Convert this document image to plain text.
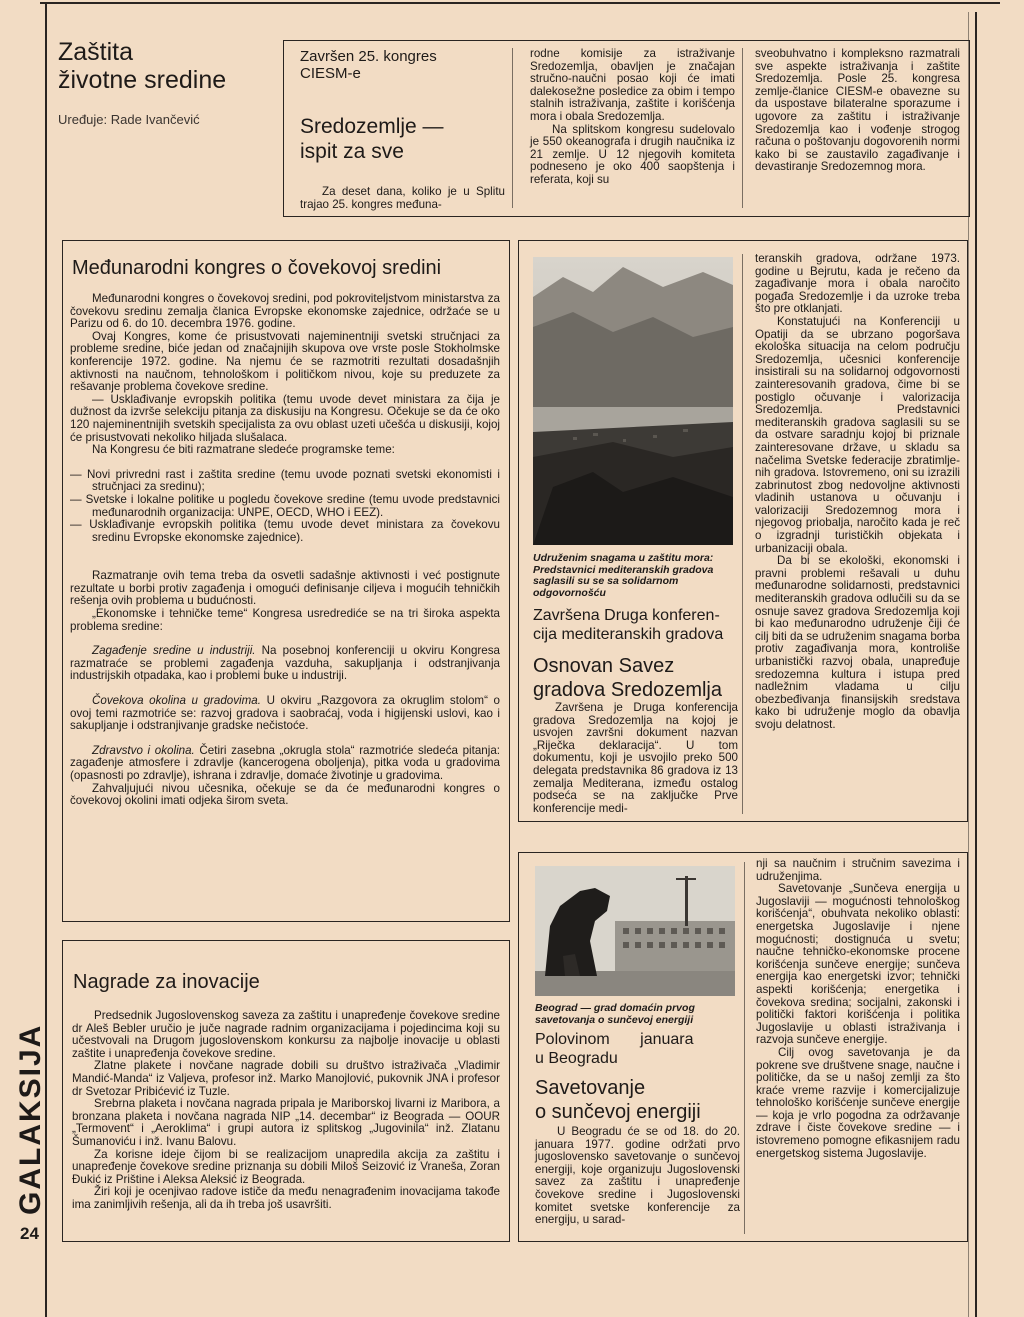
Zaštita
životne sredine
Uređuje: Rade Ivančević
Završen 25. kongres CIESM-e
Sredozemlje —
ispit za sve

Za deset dana, koliko je u Splitu trajao 25. kongres međuna-

rodne komisije za istraživanje Sredozemlja, obavljen je značajan stručno-naučni posao koji će imati dalekosežne posledice za obim i tempo stalnih istraživanja, zaštite i korišćenja mora i obala Sredozemlja.

Na splitskom kongresu sudelovalo je 550 okeanografa i drugih naučnika iz 21 zemlje. U 12 njegovih komiteta podneseno je oko 400 saopštenja i referata, koji su

sveobuhvatno i kompleksno razmatrali sve aspekte istraživanja i zaštite Sredozemlja. Posle 25. kongresa zemlje-članice CIESM-e obavezne su da uspostave bilateralne sporazume i ugovore za zaštitu i istraživanje Sredozemlja kao i vođenje strogog računa o poštovanju dogovorenih normi kako bi se zaustavilo zagađivanje i devastiranje Sredozemnog mora.

Međunarodni kongres o čovekovoj sredini

Međunarodni kongres o čovekovoj sredini, pod pokroviteljstvom ministarstva za čovekovu sredinu zemalja članica Evropske ekonomske zajednice, održaće se u Parizu od 6. do 10. decembra 1976. godine.

Ovaj Kongres, kome će prisustvovati najeminentniji svetski stručnjaci za probleme sredine, biće jedan od značajnijih skupova ove vrste posle Stokholmske konferencije 1972. godine. Na njemu će se razmotriti rezultati dosadašnjih aktivnosti na naučnom, tehnološkom i političkom nivou, koje su preduzete za rešavanje problema čovekove sredine.

— Usklađivanje evropskih politika (temu uvode devet ministara za čija je dužnost da izvrše selekciju pitanja za diskusiju na Kongresu. Očekuje se da će oko 120 najeminentnijih svetskih specijalista za ovu oblast uzeti učešća u diskusiji, kojoj će prisustvovati nekoliko hiljada slušalaca.

Na Kongresu će biti razmatrane sledeće programske teme:

— Novi privredni rast i zaštita sredine (temu uvode poznati svetski ekonomisti i stručnjaci za sredinu);
— Svetske i lokalne politike u pogledu čovekove sredine (temu uvode predstavnici međunarodnih organizacija: UNPE, OECD, WHO i EEZ).
— Usklađivanje evropskih politika (temu uvode devet ministara za čovekovu sredinu Evropske ekonomske zajednice).

Razmatranje ovih tema treba da osvetli sadašnje aktivnosti i već postignute rezultate u borbi protiv zagađenja i omogući definisanje ciljeva i mogućih tehničkih rešenja ovih problema u budućnosti.

„Ekonomske i tehničke teme“ Kongresa usredrediće se na tri široka aspekta problema sredine:

Zagađenje sredine u industriji. Na posebnoj konferenciji u okviru Kongresa razmatraće se problemi zagađenja vazduha, sakupljanja i odstranjivanja industrijskih otpadaka, kao i problemi buke u industriji.

Čovekova okolina u gradovima. U okviru „Razgovora za okruglim stolom“ o ovoj temi razmotriće se: razvoj gradova i saobraćaj, voda i higijenski uslovi, kao i sakupljanje i odstranjivanje gradske nečistoće.

Zdravstvo i okolina. Četiri zasebna „okrugla stola“ razmotriće sledeća pitanja: zagađenje atmosfere i zdravlje (kancerogena oboljenja), pitka voda u gradovima (opasnosti po zdravlje), ishrana i zdravlje, domaće životinje u gradovima.

Zahvaljujući nivou učesnika, očekuje se da će međunarodni kongres o čovekovoj okolini imati odjeka širom sveta.

Udruženim snagama u zaštitu mora: Predstavnici mediteranskih gradova saglasili su se sa solidarnom odgovornošću

Završena Druga konferencija mediteranskih gradova
Osnovan Savez gradova Sredozemlja

Završena je Druga konferencija gradova Sredozemlja na kojoj je usvojen završni dokument nazvan „Riječka deklaracija“. U tom dokumentu, koji je usvojilo preko 500 delegata predstavnika 86 gradova iz 13 zemalja Mediterana, između ostalog podseća se na zaključke Prve konferencije medi-

teranskih gradova, održane 1973. godine u Bejrutu, kada je rečeno da zagađivanje mora i obala naročito pogađa Sredozemlje i da uzroke treba što pre otklanjati.

Konstatujući na Konferenciji u Opatiji da se ubrzano pogoršava ekološka situacija na celom području Sredozemlja, učesnici konferencije insistirali su na solidarnoj odgovornosti zainteresovanih gradova, čime bi se postiglo očuvanje i valorizacija Sredozemlja. Predstavnici mediteranskih gradova saglasili su se da ostvare saradnju kojoj bi priznale zainteresovane države, u skladu sa načelima Svetske federacije zbratimljenih gradova. Istovremeno, oni su izrazili zabrinutost zbog nedovoljne aktivnosti vladinih ustanova u očuvanju i valorizaciji Sredozemnog mora i njegovog priobalja, naročito kada je reč o izgradnji turističkih objekata i urbanizaciji obala.

Da bi se ekološki, ekonomski i pravni problemi rešavali u duhu međunarodne solidarnosti, predstavnici mediteranskih gradova odlučili su da se osnuje savez gradova Sredozemlja koji bi kao međunarodno udruženje čiji će cilj biti da se udruženim snagama borba protiv zagađivanja mora, kontroliše urbanistički razvoj obala, unapređuje sredozemna kultura i istupa pred nadležnim vladama u cilju obezbeđivanja finansijskih sredstava kako bi udruženje moglo da obavlja svoju delatnost.

Nagrade za inovacije

Predsednik Jugoslovenskog saveza za zaštitu i unapređenje čovekove sredine dr Aleš Bebler uručio je juče nagrade radnim organizacijama i pojedincima koji su učestvovali na Drugom jugoslovenskom konkursu za najbolje inovacije u oblasti zaštite i unapređenja čovekove sredine.

Zlatne plakete i novčane nagrade dobili su društvo istraživača „Vladimir Mandić-Manda“ iz Valjeva, profesor inž. Marko Manojlović, pukovnik JNA i profesor dr Svetozar Pribićević iz Tuzle.

Srebrna plaketa i novčana nagrada pripala je Mariborskoj livarni iz Maribora, a bronzana plaketa i novčana nagrada NIP „14. decembar“ iz Beograda — OOUR „Termovent“ i „Aeroklima“ i grupi autora iz splitskog „Jugovinila“ inž. Zlatanu Šumanoviću i inž. Ivanu Balovu.

Za korisne ideje čijom bi se realizacijom unapredila akcija za zaštitu i unapređenje čovekove sredine priznanja su dobili Miloš Seizović iz Vraneša, Zoran Đukić iz Prištine i Aleksa Aleksić iz Beograda.

Žiri koji je ocenjivao radove ističe da među nenagrađenim inovacijama takođe ima zanimljivih rešenja, ali da ih treba još usavršiti.

Beograd — grad domaćin prvog savetovanja o sunčevoj energiji

Polovinom januara
u Beogradu
Savetovanje
o sunčevoj energiji

U Beogradu će se od 18. do 20. januara 1977. godine održati prvo jugoslovensko savetovanje o sunčevoj energiji, koje organizuju Jugoslovenski savez za zaštitu i unapređenje čovekove sredine i Jugoslovenski komitet svetske konferencije za energiju, u sarad-

nji sa naučnim i stručnim savezima i udruženjima.

Savetovanje „Sunčeva energija u Jugoslaviji — mogućnosti tehnološkog korišćenja“, obuhvata nekoliko oblasti: energetska Jugoslavije i njene mogućnosti; dostignuća u svetu; naučne tehničko-ekonomske procene korišćenja sunčeve energije; sunčeva energija kao energetski izvor; tehnički aspekti korišćenja; energetika i čovekova sredina; socijalni, zakonski i politički faktori korišćenja i politika Jugoslavije u oblasti istraživanja i razvoja sunčeve energije.

Cilj ovog savetovanja je da pokrene sve društvene snage, naučne i političke, da se u našoj zemlji za što kraće vreme razvije i komercijalizuje tehnološko korišćenje sunčeve energije — koja je vrlo pogodna za održavanje zdrave i čiste čovekove sredine — i istovremeno pomogne efikasnijem radu energetskog sistema Jugoslavije.

GALAKSIJA
24
